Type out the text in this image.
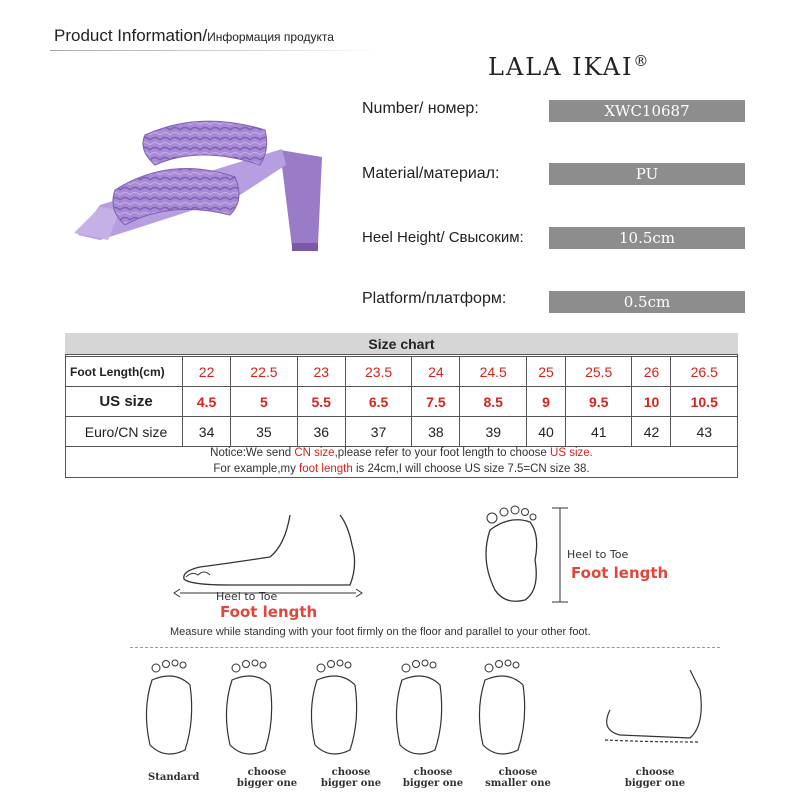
Product Information/Информация продукта
LALA IKAI®
Number/ номер:	XWC10687
Material/материал:	PU
Heel Height/ Свысоким:	10.5cm
Platform/платформ:	0.5cm
Size chart
Foot Length(cm)	22	22.5	23	23.5	24	24.5	25	25.5	26	26.5
US size	4.5	5	5.5	6.5	7.5	8.5	9	9.5	10	10.5
Euro/CN size	34	35	36	37	38	39	40	41	42	43
Notice:We send CN size,please refer to your foot length to choose US size.
For example,my foot length is 24cm,I will choose US size 7.5=CN size 38.
Heel to Toe
Foot length
Heel to Toe
Foot length
Measure while standing with your foot firmly on the floor and parallel to your other foot.
Standard	choose
bigger one
choose
bigger one
choose
bigger one
choose
smaller one
choose
bigger one
